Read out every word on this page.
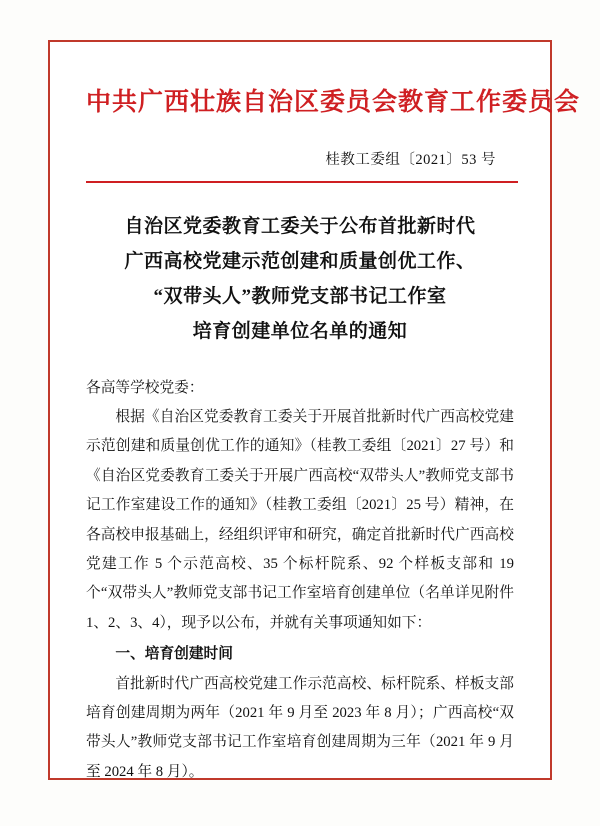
中共广西壮族自治区委员会教育工作委员会
桂教工委组〔2021〕53 号
自治区党委教育工委关于公布首批新时代
广西高校党建示范创建和质量创优工作、
“双带头人”教师党支部书记工作室
培育创建单位名单的通知

各高等学校党委：

根据《自治区党委教育工委关于开展首批新时代广西高校党建示范创建和质量创优工作的通知》（桂教工委组〔2021〕27 号）和《自治区党委教育工委关于开展广西高校“双带头人”教师党支部书记工作室建设工作的通知》（桂教工委组〔2021〕25 号）精神，在各高校申报基础上，经组织评审和研究，确定首批新时代广西高校党建工作 5 个示范高校、35 个标杆院系、92 个样板支部和 19 个“双带头人”教师党支部书记工作室培育创建单位（名单详见附件 1、2、3、4），现予以公布，并就有关事项通知如下：

一、培育创建时间

首批新时代广西高校党建工作示范高校、标杆院系、样板支部培育创建周期为两年（2021 年 9 月至 2023 年 8 月）；广西高校“双带头人”教师党支部书记工作室培育创建周期为三年（2021 年 9 月至 2024 年 8 月）。
